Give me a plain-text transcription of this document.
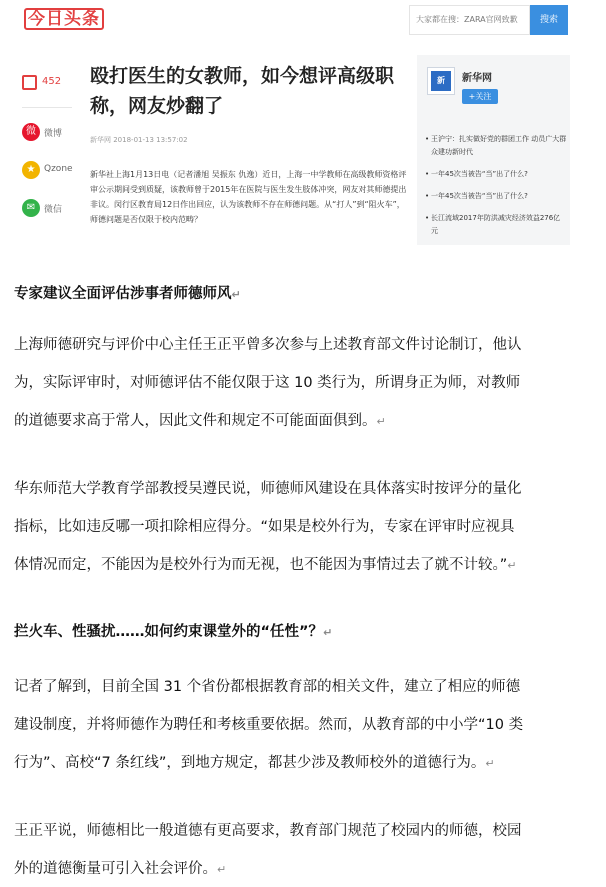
今日头条	大家都在搜：ZARA官网致歉	搜索
452
微 微博
★ Qzone
✉ 微信
殴打医生的女教师，如今想评高级职称，网友炒翻了
新华网 2018-01-13 13:57:02
新华社上海1月13日电（记者潘旭 吴振东 仇逸）近日，上海一中学教师在高级教师资格评审公示期间受到质疑，该教师曾于2015年在医院与医生发生肢体冲突，网友对其师德提出非议。闵行区教育局12日作出回应，认为该教师不存在师德问题。从“打人”到“阻火车”，师德问题是否仅限于校内范畴？
新	新华网
+关注
• 王沪宁：扎实做好党的群团工作 动员广大群众建功新时代
• 一年45次当被告“当”出了什么?
• 一年45次当被告“当”出了什么?
• 长江流域2017年防洪减灾经济效益276亿元
专家建议全面评估涉事者师德师风↵
上海师德研究与评价中心主任王正平曾多次参与上述教育部文件讨论制订，他认
为，实际评审时，对师德评估不能仅限于这 10 类行为，所谓身正为师，对教师
的道德要求高于常人，因此文件和规定不可能面面俱到。↵
华东师范大学教育学部教授吴遵民说，师德师风建设在具体落实时按评分的量化
指标，比如违反哪一项扣除相应得分。“如果是校外行为，专家在评审时应视具
体情况而定，不能因为是校外行为而无视，也不能因为事情过去了就不计较。”↵
拦火车、性骚扰……如何约束课堂外的“任性”？↵
记者了解到，目前全国 31 个省份都根据教育部的相关文件，建立了相应的师德
建设制度，并将师德作为聘任和考核重要依据。然而，从教育部的中小学“10 类
行为”、高校“7 条红线”，到地方规定，都甚少涉及教师校外的道德行为。↵
王正平说，师德相比一般道德有更高要求，教育部门规范了校园内的师德，校园
外的道德衡量可引入社会评价。↵
